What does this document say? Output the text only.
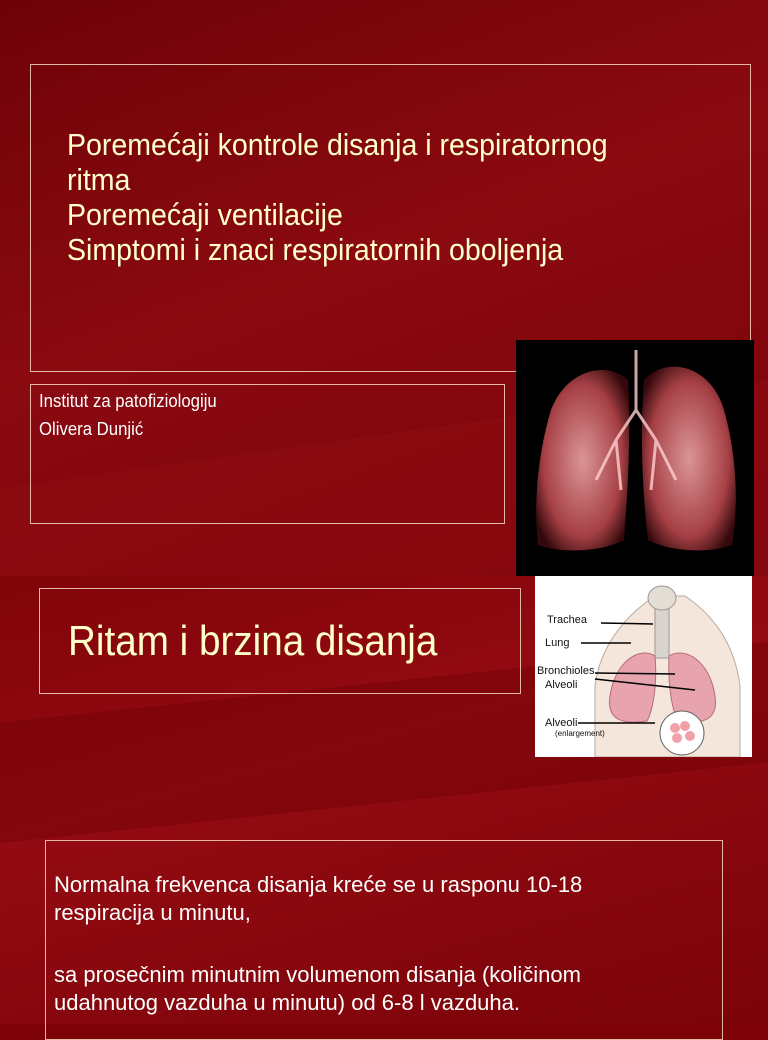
Poremećaji kontrole disanja i respiratornog
ritma
Poremećaji ventilacije
Simptomi i znaci respiratornih oboljenja
Institut za patofiziologiju
Olivera Dunjić
Ritam i brzina disanja	Trachea
Lung
Bronchioles
Alveoli
Alveoli
(enlargement)

Normalna frekvenca disanja kreće se u rasponu 10-18

respiracija u minutu,

sa prosečnim minutnim volumenom disanja (količinom

udahnutog vazduha u minutu) od 6-8 l vazduha.
